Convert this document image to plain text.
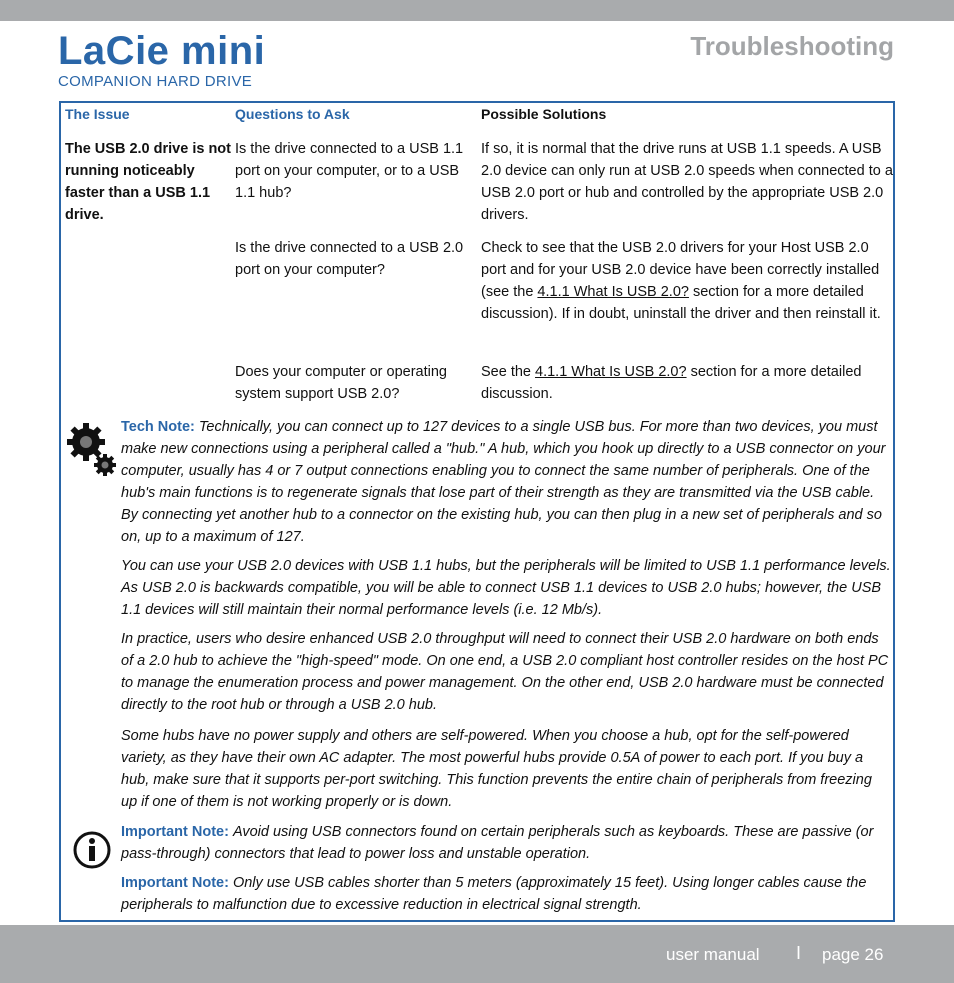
LaCie mini
COMPANION HARD DRIVE
Troubleshooting
The Issue	Questions to Ask	Possible Solutions
The USB 2.0 drive is not running noticeably faster than a USB 1.1 drive.
Is the drive connected to a USB 1.1 port on your computer, or to a USB 1.1 hub?
If so, it is normal that the drive runs at USB 1.1 speeds. A USB 2.0 device can only run at USB 2.0 speeds when connected to a USB 2.0 port or hub and controlled by the appropriate USB 2.0 drivers.
Is the drive connected to a USB 2.0 port on your computer?
Check to see that the USB 2.0 drivers for your Host USB 2.0 port and for your USB 2.0 device have been correctly installed (see the 4.1.1 What Is USB 2.0? section for a more detailed discussion). If in doubt, uninstall the driver and then reinstall it.
Does your computer or operating system support USB 2.0?
See the 4.1.1 What Is USB 2.0? section for a more detailed discussion.
Tech Note: Technically, you can connect up to 127 devices to a single USB bus. For more than two devices, you must make new connections using a peripheral called a "hub." A hub, which you hook up directly to a USB connector on your computer, usually has 4 or 7 output connections enabling you to connect the same number of peripherals. One of the hub's main functions is to regenerate signals that lose part of their strength as they are transmitted via the USB cable. By connecting yet another hub to a connector on the existing hub, you can then plug in a new set of peripherals and so on, up to a maximum of 127.
You can use your USB 2.0 devices with USB 1.1 hubs, but the peripherals will be limited to USB 1.1 performance levels. As USB 2.0 is backwards compatible, you will be able to connect USB 1.1 devices to USB 2.0 hubs; however, the USB 1.1 devices will still maintain their normal performance levels (i.e. 12 Mb/s).
In practice, users who desire enhanced USB 2.0 throughput will need to connect their USB 2.0 hardware on both ends of a 2.0 hub to achieve the "high-speed" mode. On one end, a USB 2.0 compliant host controller resides on the host PC to manage the enumeration process and power management. On the other end, USB 2.0 hardware must be connected directly to the root hub or through a USB 2.0 hub.
Some hubs have no power supply and others are self-powered. When you choose a hub, opt for the self-powered variety, as they have their own AC adapter. The most powerful hubs provide 0.5A of power to each port. If you buy a hub, make sure that it supports per-port switching. This function prevents the entire chain of peripherals from freezing up if one of them is not working properly or is down.
Important Note: Avoid using USB connectors found on certain peripherals such as keyboards. These are passive (or pass-through) connectors that lead to power loss and unstable operation.
Important Note: Only use USB cables shorter than 5 meters (approximately 15 feet). Using longer cables cause the peripherals to malfunction due to excessive reduction in electrical signal strength.
user manual I page 26
